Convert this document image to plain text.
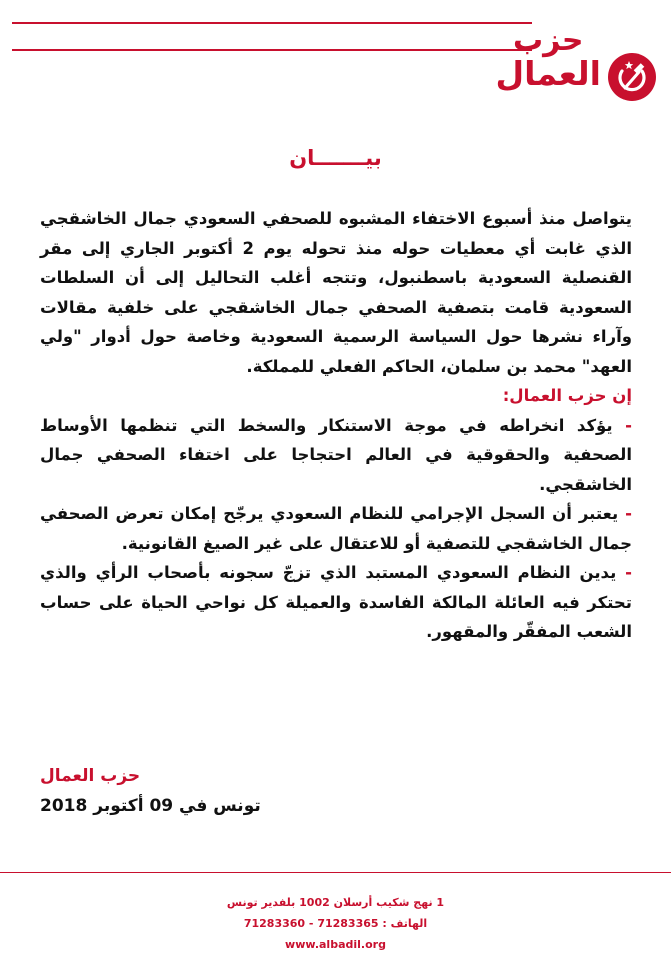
حزب
العمال
بيـــــــان

يتواصل منذ أسبوع الاختفاء المشبوه للصحفي السعودي جمال الخاشقجي الذي غابت أي معطيات حوله منذ تحوله يوم 2 أكتوبر الجاري إلى مقر القنصلية السعودية باسطنبول، وتتجه أغلب التحاليل إلى أن السلطات السعودية قامت بتصفية الصحفي جمال الخاشقجي على خلفية مقالات وآراء نشرها حول السياسة الرسمية السعودية وخاصة حول أدوار "ولي العهد" محمد بن سلمان، الحاكم الفعلي للمملكة.

إن حزب العمال:

- يؤكد انخراطه في موجة الاستنكار والسخط التي تنظمها الأوساط الصحفية والحقوقية في العالم احتجاجا على اختفاء الصحفي جمال الخاشقجي.

- يعتبر أن السجل الإجرامي للنظام السعودي يرجّح إمكان تعرض الصحفي جمال الخاشقجي للتصفية أو للاعتقال على غير الصيغ القانونية.

- يدين النظام السعودي المستبد الذي تزجّ سجونه بأصحاب الرأي والذي تحتكر فيه العائلة المالكة الفاسدة والعميلة كل نواحي الحياة على حساب الشعب المفقّر والمقهور.

حزب العمال
تونس في 09 أكتوبر 2018
1 نهج شكيب أرسلان 1002 بلفدير تونس
الهاتف : 71283365 - 71283360
www.albadil.org
